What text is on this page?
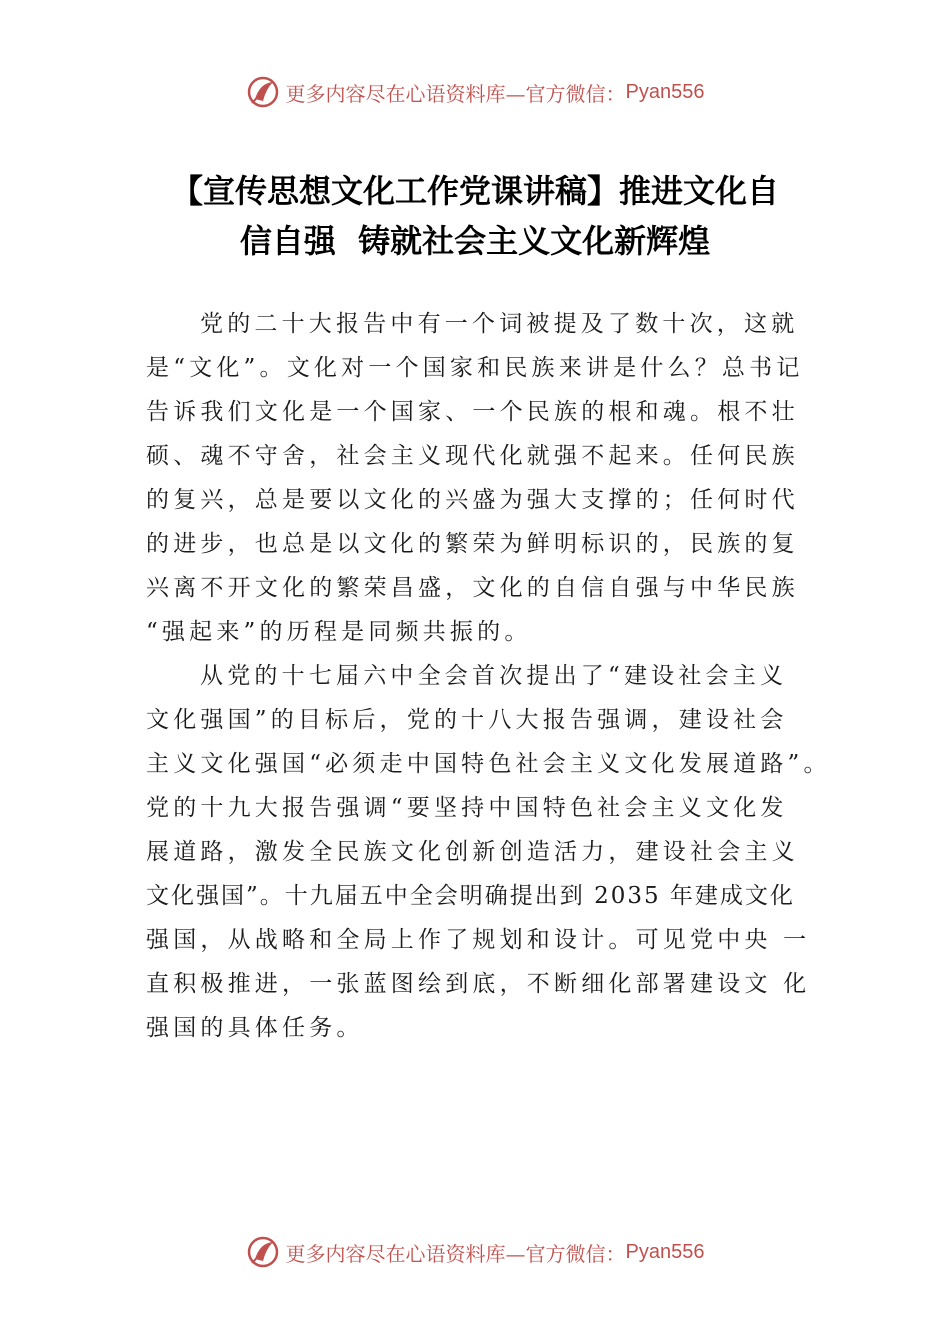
更多内容尽在心语资料库—官方微信： Pyan556
【宣传思想文化工作党课讲稿】推进文化自
信自强  铸就社会主义文化新辉煌
党的二十大报告中有一个词被提及了数十次，这就
是“文化”。文化对一个国家和民族来讲是什么？总书记
告诉我们文化是一个国家、一个民族的根和魂。根不壮
硕、魂不守舍，社会主义现代化就强不起来。任何民族
的复兴，总是要以文化的兴盛为强大支撑的；任何时代
的进步，也总是以文化的繁荣为鲜明标识的，民族的复
兴离不开文化的繁荣昌盛，文化的自信自强与中华民族
“强起来”的历程是同频共振的。
从党的十七届六中全会首次提出了“建设社会主义
文化强国”的目标后，党的十八大报告强调，建设社会
主义文化强国“必须走中国特色社会主义文化发展道路”。
党的十九大报告强调“要坚持中国特色社会主义文化发
展道路，激发全民族文化创新创造活力，建设社会主义
文化强国”。十九届五中全会明确提出到 2035 年建成文化
强国，从战略和全局上作了规划和设计。可见党中央 一
直积极推进，一张蓝图绘到底，不断细化部署建设文 化
强国的具体任务。
更多内容尽在心语资料库—官方微信： Pyan556
